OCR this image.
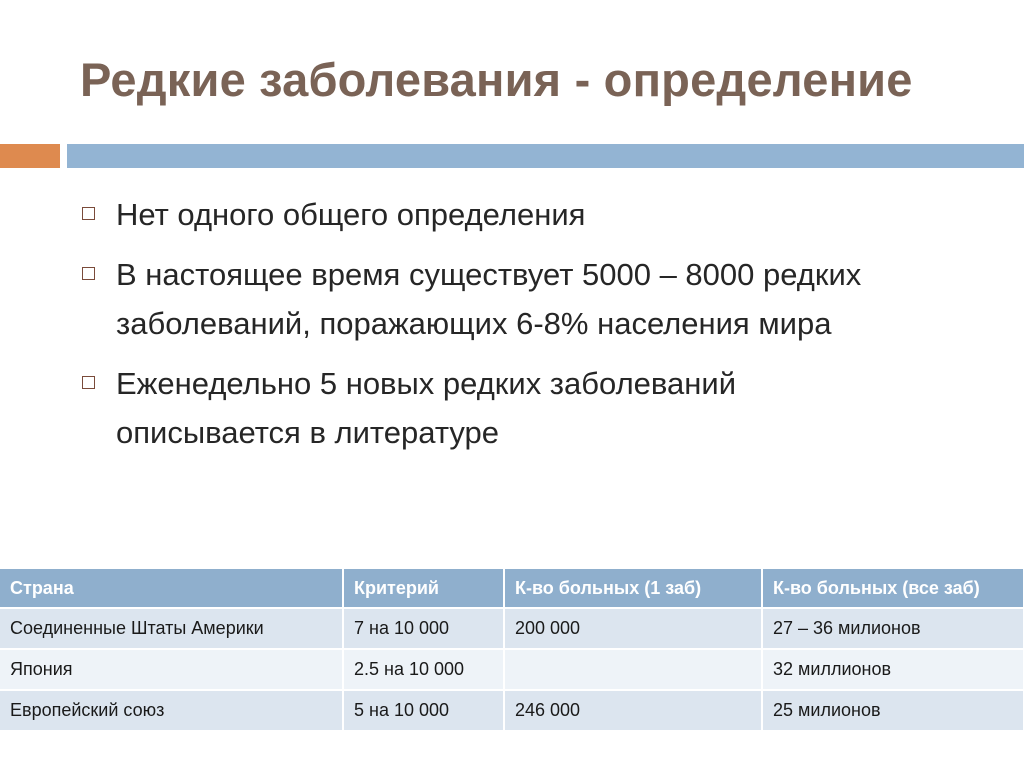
Редкие заболевания - определение
Нет одного общего определения
В настоящее время существует 5000 – 8000 редких заболеваний, поражающих 6-8% населения мира
Еженедельно 5 новых редких заболеваний описывается в литературе
Страна	Критерий	К-во больных (1 заб)	К-во больных (все заб)
Соединенные Штаты Америки	7 на 10 000	200 000	27 – 36 милионов
Япония	2.5 на 10 000		32 миллионов
Европейский союз	5 на 10 000	246 000	25 милионов
